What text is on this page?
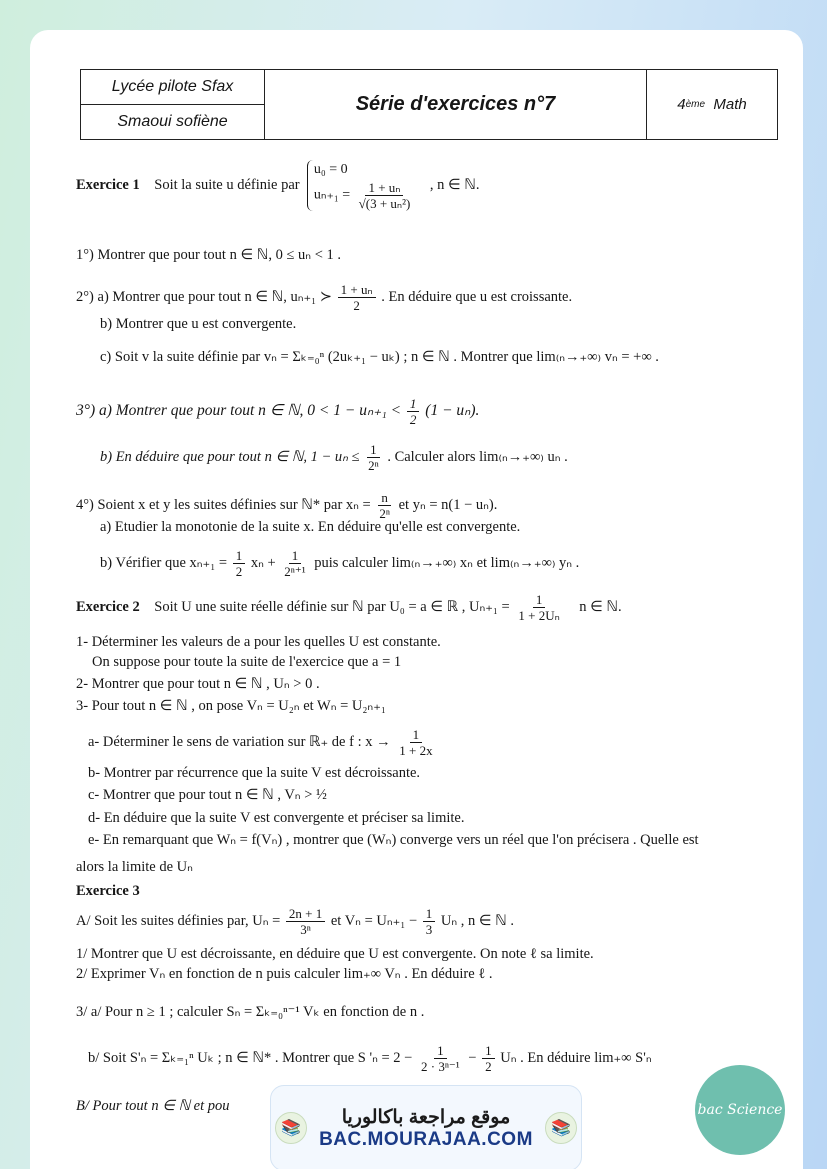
Lycée pilote Sfax
Smaoui sofiène
Série d'exercices n°7	4 ème
Math
Exercice 1 Soit la suite u définie par
u₀ = 0
$u_{n+1} = \frac{\text{1 + uₙ}}{\text{√(3 + uₙ²)}}$ , n ∈ ℕ.
1°) Montrer que pour tout n ∈ ℕ, 0 ≤ uₙ < 1 .
2°) a) Montrer que pour tout n ∈ ℕ, uₙ₊₁ ≻ $\frac{\text{1 + uₙ}}{2}$ . En déduire que u est croissante.
b) Montrer que u est convergente.
c) Soit v la suite définie par vₙ = Σₖ₌₀ⁿ (2uₖ₊₁ − uₖ) ; n ∈ ℕ . Montrer que lim₍ₙ→₊∞₎ vₙ = +∞ .
3°) a) Montrer que pour tout n ∈ ℕ, $0 < 1 - u_{n+1} < \frac{1}{2} (1 - u_n)$.
b) En déduire que pour tout n ∈ ℕ, $1 - u_n \le \frac{1}{\text{2ⁿ}}$ . Calculer alors lim₍ₙ→₊∞₎ uₙ .
4°) Soient x et y les suites définies sur ℕ* par $x_n = \frac{n}{\text{2ⁿ}}$ et yₙ = n(1 − uₙ).
a) Etudier la monotonie de la suite x. En déduire qu'elle est convergente.
b) Vérifier que $x_{n+1} = \frac{1}{2}$ $x_n + \frac{1}{\text{2ⁿ⁺¹}}$ puis calculer lim₍ₙ→₊∞₎ xₙ et lim₍ₙ→₊∞₎ yₙ .
Exercice 2 Soit U une suite réelle définie sur ℕ par U₀ = a ∈ ℝ , $U_{n+1} = \frac{1}{\text{1 + 2Uₙ}}$ n ∈ ℕ.
1- Déterminer les valeurs de a pour les quelles U est constante.
On suppose pour toute la suite de l'exercice que a = 1
2- Montrer que pour tout n ∈ ℕ , Uₙ > 0 .
3- Pour tout n ∈ ℕ , on pose Vₙ = U₂ₙ et Wₙ = U₂ₙ₊₁
a- Déterminer le sens de variation sur ℝ₊ de f : $x \to \frac{1}{1 + 2x}$
b- Montrer par récurrence que la suite V est décroissante.
c- Montrer que pour tout n ∈ ℕ , Vₙ > ½
d- En déduire que la suite V est convergente et préciser sa limite.
e- En remarquant que Wₙ = f(Vₙ) , montrer que (Wₙ) converge vers un réel que l'on précisera . Quelle est
alors la limite de Uₙ
Exercice 3
A/ Soit les suites définies par, $U_n = \frac{2n + 1}{\text{3ⁿ}}$ et $V_n = U_{n+1} - \frac{1}{3}$ Uₙ , n ∈ ℕ .
1/ Montrer que U est décroissante, en déduire que U est convergente. On note ℓ sa limite.
2/ Exprimer Vₙ en fonction de n puis calculer lim₊∞ Vₙ . En déduire ℓ .
3/ a/ Pour n ≥ 1 ; calculer Sₙ = Σₖ₌₀ⁿ⁻¹ Vₖ en fonction de n .
b/ Soit S'ₙ = Σₖ₌₁ⁿ Uₖ ; n ∈ ℕ* . Montrer que S '$_n = 2 - \frac{1}{\text{2 · 3ⁿ⁻¹}} - \frac{1}{2}$ Uₙ . En déduire lim₊∞ S'ₙ
B/ Pour tout n ∈ ℕ et pou
📚
موقع مراجعة باكالوريا
BAC.MOURAJAA.COM	📚
bac Science
